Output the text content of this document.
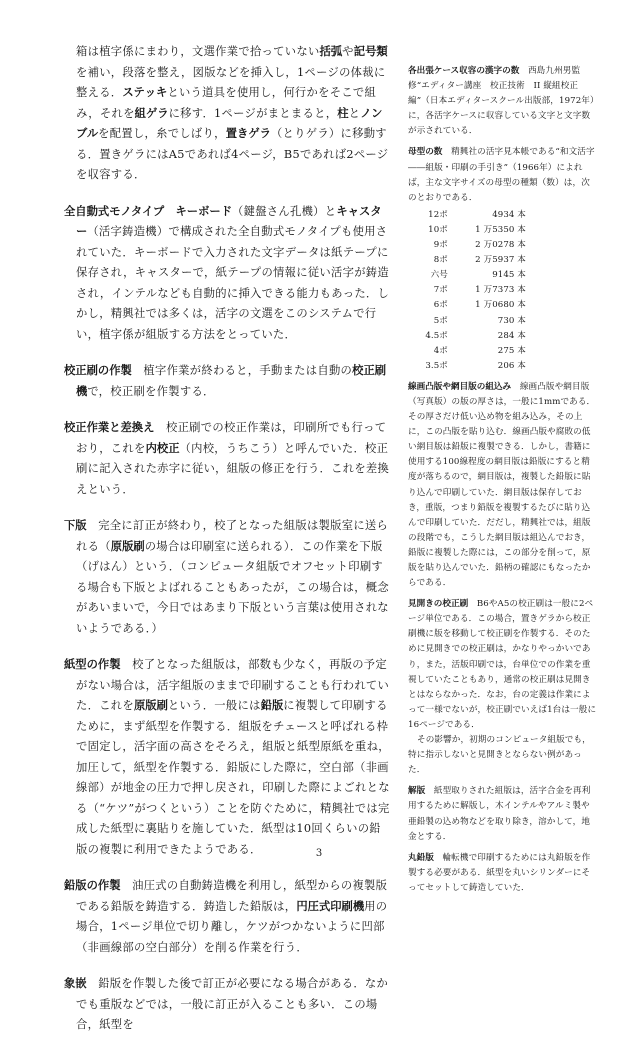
箱は植字係にまわり，文選作業で拾っていない括弧や記号類を補い，段落を整え，図版などを挿入し，1ページの体裁に整える．ステッキという道具を使用し，何行かをそこで組み，それを組ゲラに移す．1ページがまとまると，柱とノンブルを配置し，糸でしばり，置きゲラ（とりゲラ）に移動する．置きゲラにはA5であれば4ページ，B5であれば2ページを収容する．

全自動式モノタイプ　キーボード（鍵盤さん孔機）とキャスター（活字鋳造機）で構成された全自動式モノタイプも使用されていた．キーボードで入力された文字データは紙テープに保存され，キャスターで，紙テープの情報に従い活字が鋳造され，インテルなども自動的に挿入できる能力もあった．しかし，精興社では多くは，活字の文選をこのシステムで行い，植字係が組版する方法をとっていた．

校正刷の作製　植字作業が終わると，手動または自動の校正刷機で，校正刷を作製する．

校正作業と差換え　校正刷での校正作業は，印刷所でも行っており，これを内校正（内校，うちこう）と呼んでいた．校正刷に記入された赤字に従い，組版の修正を行う．これを差換えという．

下版　完全に訂正が終わり，校了となった組版は製版室に送られる（原版刷の場合は印刷室に送られる）．この作業を下版（げはん）という．（コンピュータ組版でオフセット印刷する場合も下版とよばれることもあったが，この場合は，概念があいまいで，今日ではあまり下版という言葉は使用されないようである．）

紙型の作製　校了となった組版は，部数も少なく，再版の予定がない場合は，活字組版のままで印刷することも行われていた．これを原版刷という．一般には鉛版に複製して印刷するために，まず紙型を作製する．組版をチェースと呼ばれる枠で固定し，活字面の高さをそろえ，組版と紙型原紙を重ね，加圧して，紙型を作製する．鉛版にした際に，空白部（非画線部）が地金の圧力で押し戻され，印刷した際によごれとなる（“ケツ”がつくという）ことを防ぐために，精興社では完成した紙型に裏貼りを施していた．紙型は10回くらいの鉛版の複製に利用できたようである．

鉛版の作製　油圧式の自動鋳造機を利用し，紙型からの複製版である鉛版を鋳造する．鋳造した鉛版は，円圧式印刷機用の場合，1ページ単位で切り離し，ケツがつかないように凹部（非画線部の空白部分）を削る作業を行う．

象嵌　鉛版を作製した後で訂正が必要になる場合がある．なかでも重版などでは，一般に訂正が入ることも多い．この場合，紙型を

各出張ケース収容の漢字の数　西島九州男監修“エディター講座　校正技術　II 縦組校正編”（日本エディタースクール出版部，1972年）に，各活字ケースに収容している文字と文字数が示されている．

母型の数　精興社の活字見本帳である“和文活字――組版・印刷の手引き”（1966年）によれば，主な文字サイズの母型の種類（数）は，次のとおりである．

12ポ	4934 本
10ポ	1 万5350 本
9ポ	2 万0278 本
8ポ	2 万5937 本
六号	9145 本
7ポ	1 万7373 本
6ポ	1 万0680 本
5ポ	730 本
4.5ポ	284 本
4ポ	275 本
3.5ポ	206 本

線画凸版や網目版の組込み　線画凸版や網目版（写真版）の版の厚さは，一般に1mmである．その厚さだけ低い込め物を組み込み，その上に，この凸版を貼り込む．線画凸版や腐敗の低い網目版は鉛版に複製できる．しかし，書籍に使用する100線程度の網目版は鉛版にすると精度が落ちるので，網目版は，複製した鉛版に貼り込んで印刷していた．網目版は保存しておき，重版，つまり鉛版を複製するたびに貼り込んで印刷していた．だだし，精興社では，組版の段階でも，こうした網目版は組込んでおき，鉛版に複製した際には，この部分を削って，原版を貼り込んでいた．鉛柄の確認にもなったからである．

見開きの校正刷　B6やA5の校正刷は一般に2ページ単位である．この場合，置きゲラから校正刷機に版を移動して校正刷を作製する．そのために見開きでの校正刷は，かなりやっかいであり，また，活版印刷では，台単位での作業を重視していたこともあり，通常の校正刷は見開きとはならなかった．なお，台の定義は作業によって一様でないが，校正刷でいえば1台は一般に16ページである．

その影響か，初期のコンピュータ組版でも，特に指示しないと見開きとならない例があった．

解版　紙型取りされた組版は，活字合金を再利用するために解版し，木インテルやアルミ製や亜鉛製の込め物などを取り除き，溶かして，地金とする．

丸鉛版　輪転機で印刷するためには丸鉛版を作製する必要がある．紙型を丸いシリンダーにそってセットして鋳造していた．

3
